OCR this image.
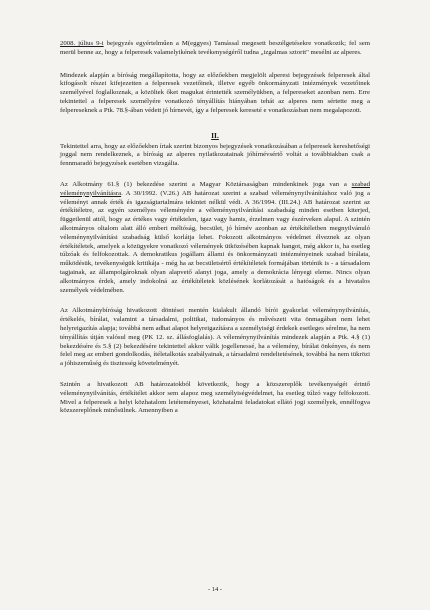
2008. július 9-i bejegyzés egyértelműen a M(eggyes) Tamással megesett beszélgetésekre vonatkozik; fel sem merül benne az, hogy a felperesek valamelyikének tevékenységéről tudna „izgalmas sztorit" mesélni az alperes.

Mindezek alapján a bíróság megállapította, hogy az előzőekben megjelölt alperesi bejegyzések felperesek által kifogásolt részei kifejezetten a felperesek vezetőinek, illetve egyéb önkormányzati intézmények vezetőinek személyével foglalkoznak, a közöltek őket magukat érintették személyükben, a felpereseket azonban nem. Erre tekintettel a felperesek személyére vonatkozó tényállítás hiányában tehát az alperes nem sértette meg a felpereseknek a Ptk. 78.§-ában védett jó hírnevét, így a felperesek kereseté e vonatkozásban nem megalapozott.

II.

Tekintettel arra, hogy az előzőekben írtak szerint bizonyos bejegyzések vonatkozásában a felperesek kereshetőségi joggal nem rendelkeznek, a bíróság az alperes nyilatkozatainak jóhírnévsértő voltát a továbbiakban csak a fennmaradó bejegyzések esetében vizsgálta.

Az Alkotmány 61.§ (1) bekezdése szerint a Magyar Köztársaságban mindenkinek joga van a szabad véleménynyilvánításra. A 30/1992. (V.26.) AB határozat szerint a szabad véleménynyilvánításhoz való jog a véleményt annak érték és igazságtartalmára tekintet nélkül védi. A 36/1994. (III.24.) AB határozat szerint az értékítéletre, az egyén személyes véleményére a véleménynyilvánítási szabadság minden esetben kiterjed, függetlenül attól, hogy az értékes vagy értéktelen, igaz vagy hamis, érzelmen vagy észérveken alapul. A szintén alkotmányos oltalom alatt álló emberi méltóság, becsület, jó hírnév azonban az értékítéletben megnyilvánuló véleménynyilvánítási szabadság külső korlátja lehet. Fokozott alkotmányos védelmet élveznek az olyan értékítéletek, amelyek a közügyekre vonatkozó vélemények ütközésében kapnak hangot, még akkor is, ha esetleg túlzóak és felfokozottak. A demokratikus jogállam állami és önkormányzati intézményeinek szabad bírálata, működésük, tevékenységük kritikája - még ha az becsületsértő értékítéletek formájában történik is - a társadalom tagjainak, az állampolgároknak olyan alapvető alanyi joga, amely a demokrácia lényegi eleme. Nincs olyan alkotmányos érdek, amely indokolná az értékítéletek közlésének korlátozását a hatóságok és a hivatalos személyek védelmében.

Az Alkotmánybíróság hivatkozott döntései mentén kialakult állandó bírói gyakorlat véleménynyilvánítás, értékelés, bírálat, valamint a társadalmi, politikai, tudományos és művészeti vita önmagában nem lehet helyreigazítás alapja; továbbá nem adhat alapot helyreigazításra a személyiségi érdekek esetleges sérelme, ha nem tényállítás útján valósul meg (PK 12. sz. állásfoglalás). A véleménynyilvánítás mindezek alapján a Ptk. 4.§ (1) bekezdésére és 5.§ (2) bekezdésére tekintettel akkor válik jogellenessé, ha a vélemény, bírálat önkényes, és nem felel meg az emberi gondolkodás, ítéletalkotás szabályainak, a társadalmi rendeltetésének, továbbá ha nem tükrözi a jóhiszeműség és tisztesség követelményét.

Szintén a hivatkozott AB határozatokból következik, hogy a közszereplők tevékenységét érintő véleménynyilvánítás, értékítélet akkor sem alapoz meg személyiségvédelmet, ha esetleg túlzó vagy felfokozott. Mivel a felperesek a helyi közhatalom letéteményesei, közhatalmi feladatokat ellátó jogi személyek, ennélfogva közszereplőnek minősülnek. Amennyiben a

- 14 -
